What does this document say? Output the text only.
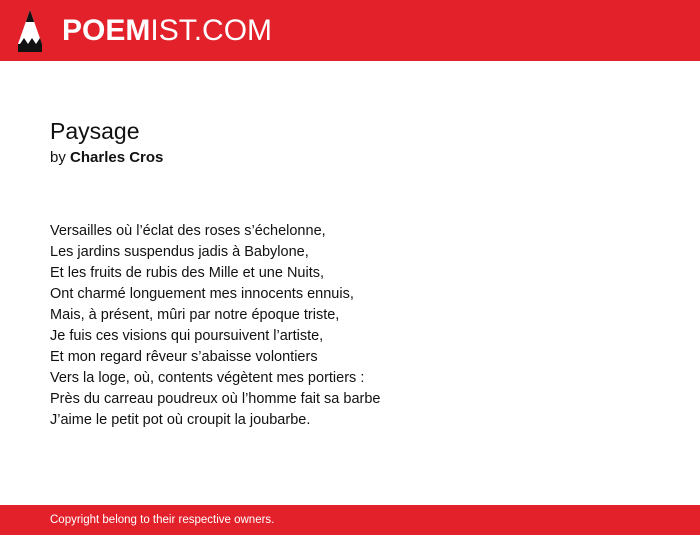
POEMIST.COM
Paysage

by Charles Cros

Versailles où l’éclat des roses s’échelonne,
Les jardins suspendus jadis à Babylone,
Et les fruits de rubis des Mille et une Nuits,
Ont charmé longuement mes innocents ennuis,
Mais, à présent, mûri par notre époque triste,
Je fuis ces visions qui poursuivent l’artiste,
Et mon regard rêveur s’abaisse volontiers
Vers la loge, où, contents végètent mes portiers :
Près du carreau poudreux où l’homme fait sa barbe
J’aime le petit pot où croupit la joubarbe.
Copyright belong to their respective owners.
